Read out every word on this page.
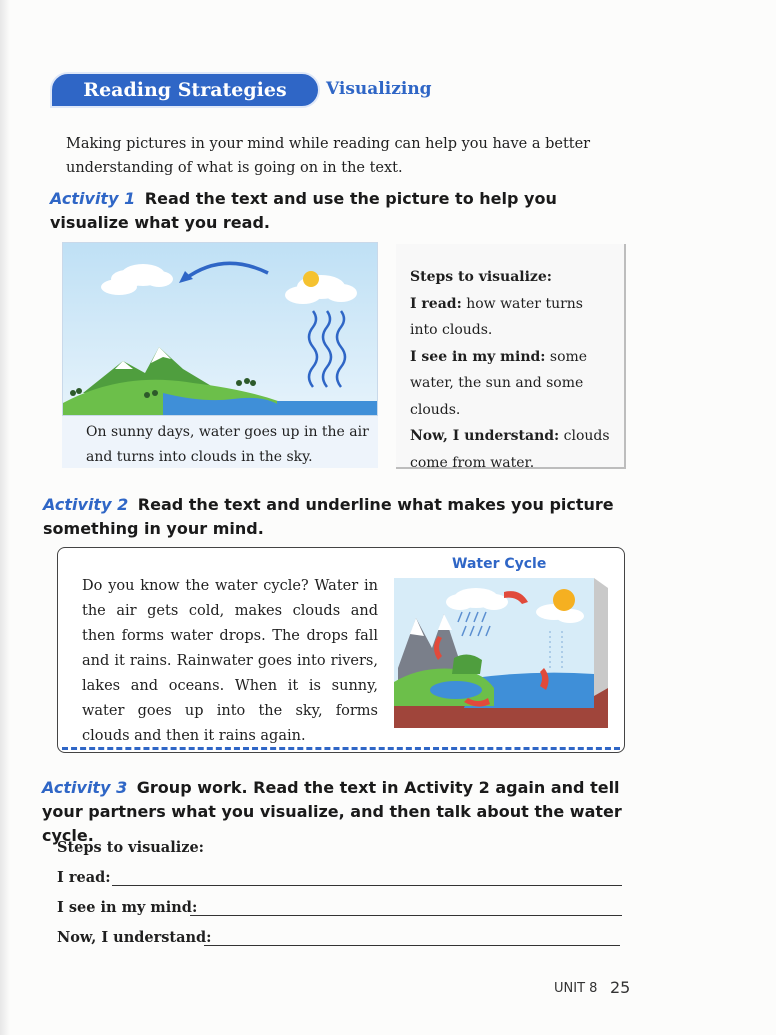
Reading Strategies	Visualizing

Making pictures in your mind while reading can help you have a better understanding of what is going on in the text.

Activity 1 Read the text and use the picture to help you visualize what you read.
On sunny days, water goes up in the air and turns into clouds in the sky.
Steps to visualize:
I read: how water turns into clouds.
I see in my mind: some water, the sun and some clouds.
Now, I understand: clouds come from water.
Activity 2 Read the text and underline what makes you picture something in your mind.

Do you know the water cycle? Water in the air gets cold, makes clouds and then forms water drops. The drops fall and it rains. Rainwater goes into rivers, lakes and oceans. When it is sunny, water goes up into the sky, forms clouds and then it rains again.

Water Cycle
Activity 3 Group work. Read the text in Activity 2 again and tell your partners what you visualize, and then talk about the water cycle.
Steps to visualize:
I read:
I see in my mind:
Now, I understand:
UNIT 8 25
